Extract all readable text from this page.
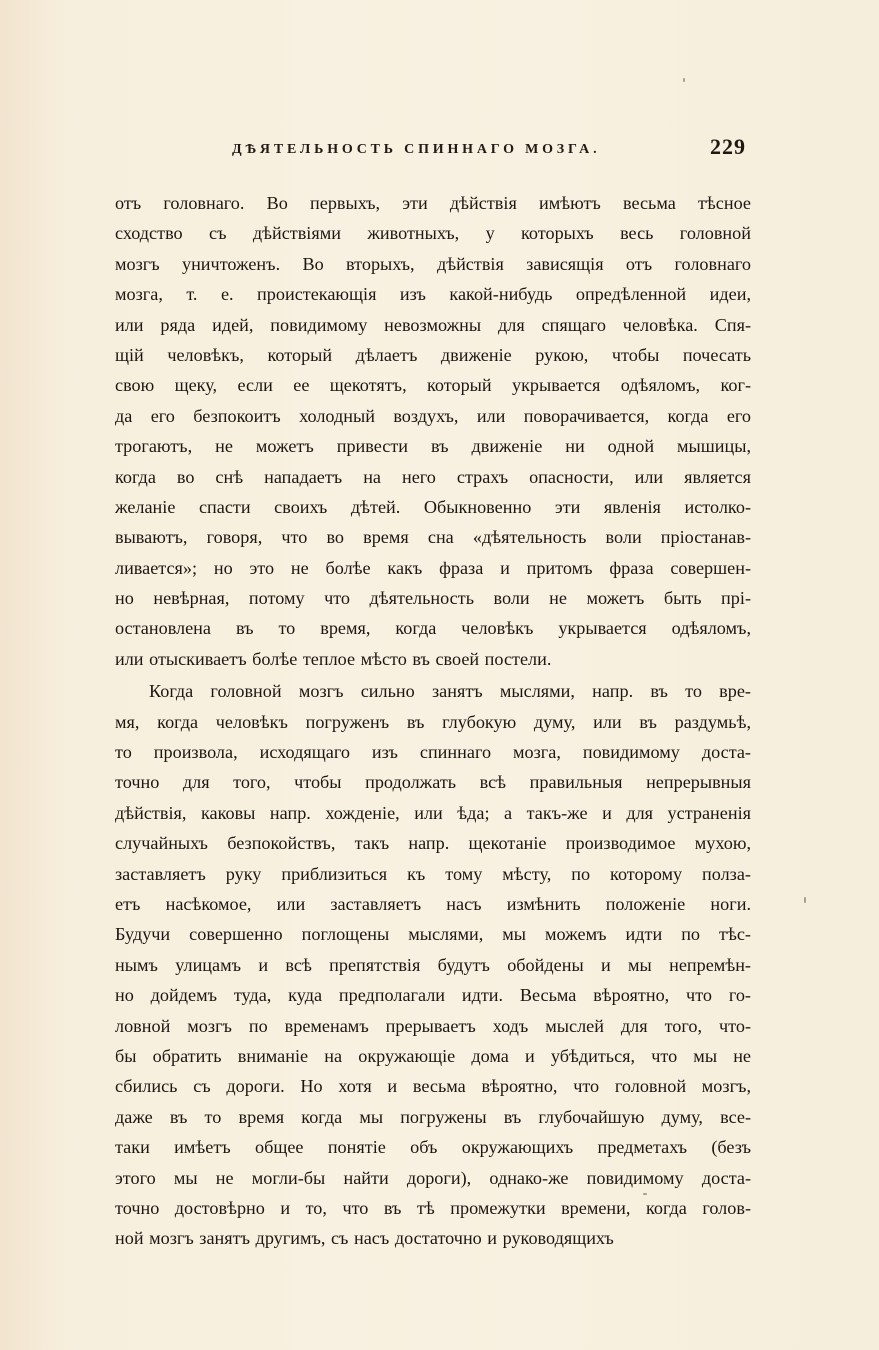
ДѢЯТЕЛЬНОСТЬ СПИННАГО МОЗГА.	229
отъ головнаго. Во первыхъ, эти дѣйствія имѣютъ весьма тѣсное
сходство съ дѣйствіями животныхъ, у которыхъ весь головной
мозгъ уничтоженъ. Во вторыхъ, дѣйствія зависящія отъ головнаго
мозга, т. е. проистекающія изъ какой-нибудь опредѣленной идеи,
или ряда идей, повидимому невозможны для спящаго человѣка. Спя-
щій человѣкъ, который дѣлаетъ движеніе рукою, чтобы почесать
свою щеку, если ее щекотятъ, который укрывается одѣяломъ, ког-
да его безпокоитъ холодный воздухъ, или поворачивается, когда его
трогаютъ, не можетъ привести въ движеніе ни одной мышицы,
когда во снѣ нападаетъ на него страхъ опасности, или является
желаніе спасти своихъ дѣтей. Обыкновенно эти явленія истолко-
вываютъ, говоря, что во время сна «дѣятельность воли пріостанав-
ливается»; но это не болѣе какъ фраза и притомъ фраза совершен-
но невѣрная, потому что дѣятельность воли не можетъ быть прі-
остановлена въ то время, когда человѣкъ укрывается одѣяломъ,
или отыскиваетъ болѣе теплое мѣсто въ своей постели.
Когда головной мозгъ сильно занятъ мыслями, напр. въ то вре-
мя, когда человѣкъ погруженъ въ глубокую думу, или въ раздумьѣ,
то произвола, исходящаго изъ спиннаго мозга, повидимому доста-
точно для того, чтобы продолжать всѣ правильныя непрерывныя
дѣйствія, каковы напр. хожденіе, или ѣда; а такъ-же и для устраненія
случайныхъ безпокойствъ, такъ напр. щекотаніе производимое мухою,
заставляетъ руку приблизиться къ тому мѣсту, по которому полза-
етъ насѣкомое, или заставляетъ насъ измѣнить положеніе ноги.
Будучи совершенно поглощены мыслями, мы можемъ идти по тѣс-
нымъ улицамъ и всѣ препятствія будутъ обойдены и мы непремѣн-
но дойдемъ туда, куда предполагали идти. Весьма вѣроятно, что го-
ловной мозгъ по временамъ прерываетъ ходъ мыслей для того, что-
бы обратить вниманіе на окружающіе дома и убѣдиться, что мы не
сбились съ дороги. Но хотя и весьма вѣроятно, что головной мозгъ,
даже въ то время когда мы погружены въ глубочайшую думу, все-
таки имѣетъ общее понятіе объ окружающихъ предметахъ (безъ
этого мы не могли-бы найти дороги), однако-же повидимому доста-
точно достовѣрно и то, что въ тѣ промежутки времени, когда голов-
ной мозгъ занятъ другимъ, съ насъ достаточно и руководящихъ
